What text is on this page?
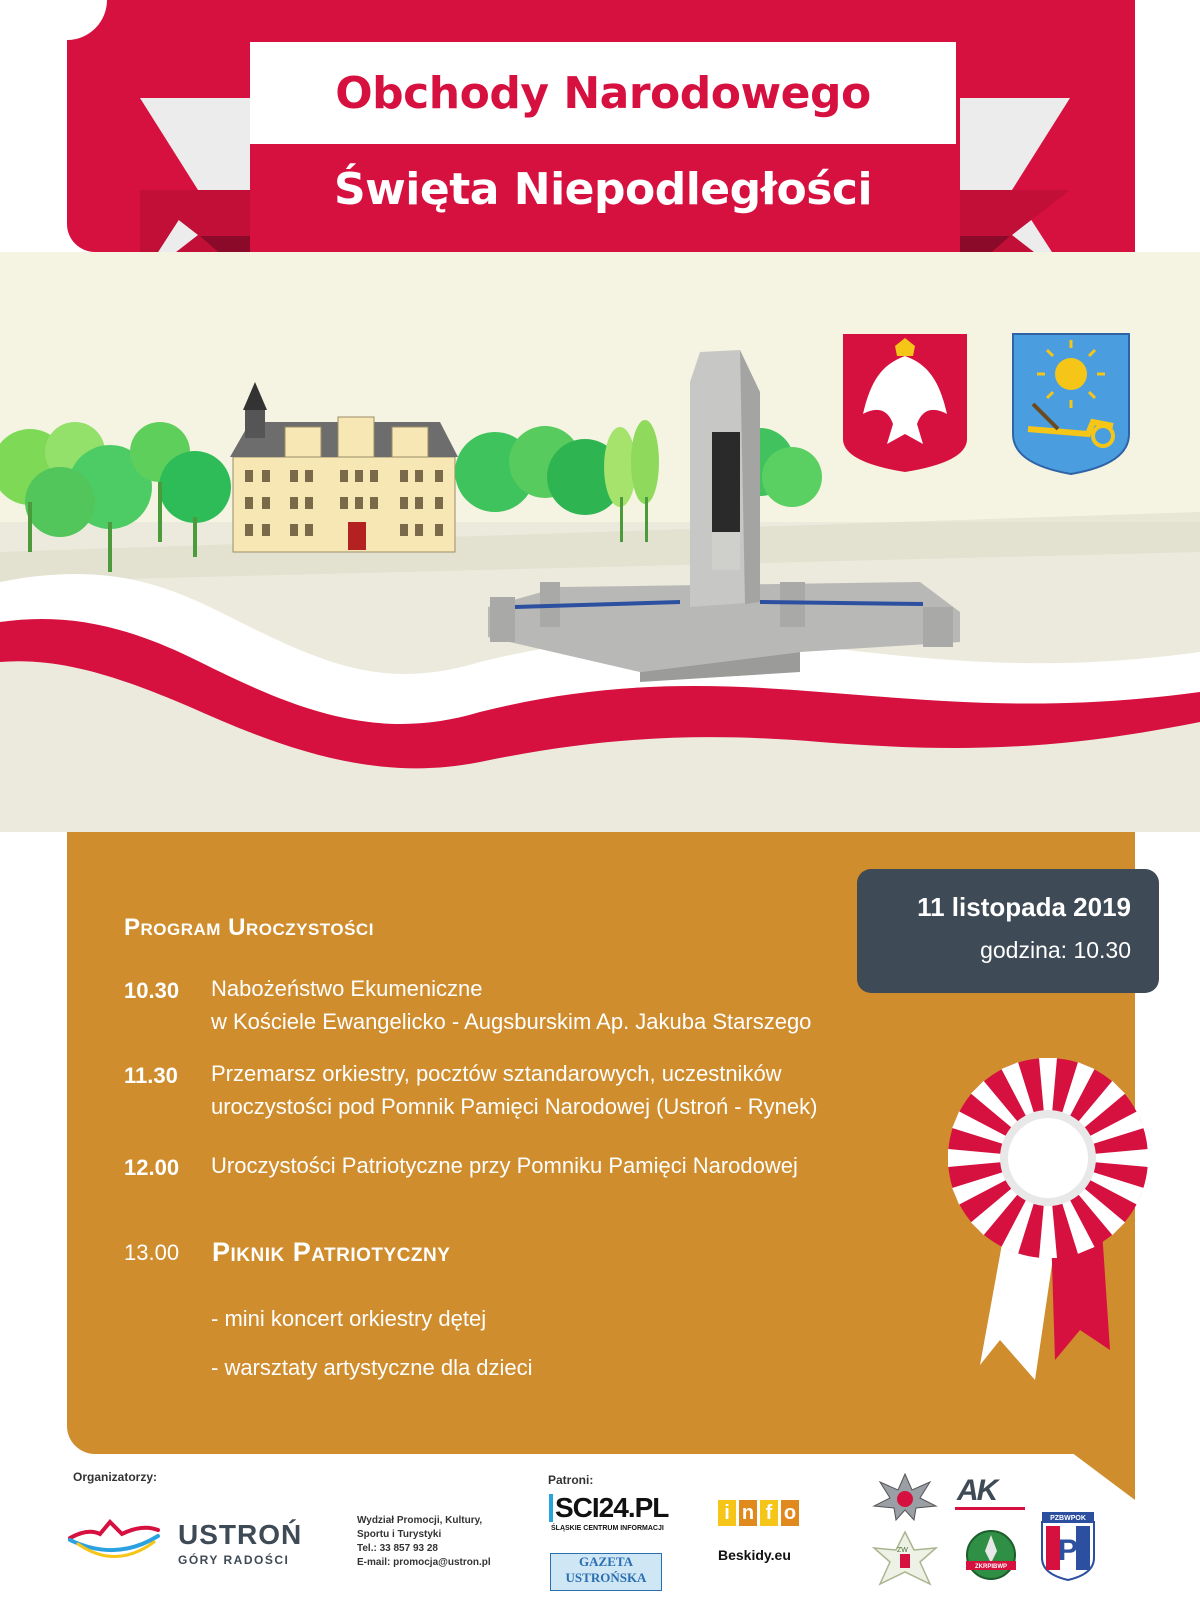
Obchody Narodowego
Święta Niepodległości
11 listopada 2019
godzina: 10.30
Program Uroczystości
10.30	Nabożeństwo Ekumeniczne
w Kościele Ewangelicko - Augsburskim Ap. Jakuba Starszego
11.30	Przemarsz orkiestry, pocztów sztandarowych, uczestników
uroczystości pod Pomnik Pamięci Narodowej (Ustroń - Rynek)
12.00	Uroczystości Patriotyczne przy Pomniku Pamięci Narodowej
13.00	Piknik Patriotyczny
- mini koncert orkiestry dętej
- warsztaty artystyczne dla dzieci
Organizatorzy:	Patroni:
USTROŃ
GÓRY RADOŚCI
Wydział Promocji, Kultury,
Sportu i Turystyki
Tel.: 33 857 93 28
E-mail: promocja@ustron.pl
SCI24.PL
ŚLĄSKIE CENTRUM INFORMACJI
GAZETA
USTROŃSKA
i n f o
Beskidy.eu	ZW
AK
ZKRPIBWP
PZBWPOK
P
